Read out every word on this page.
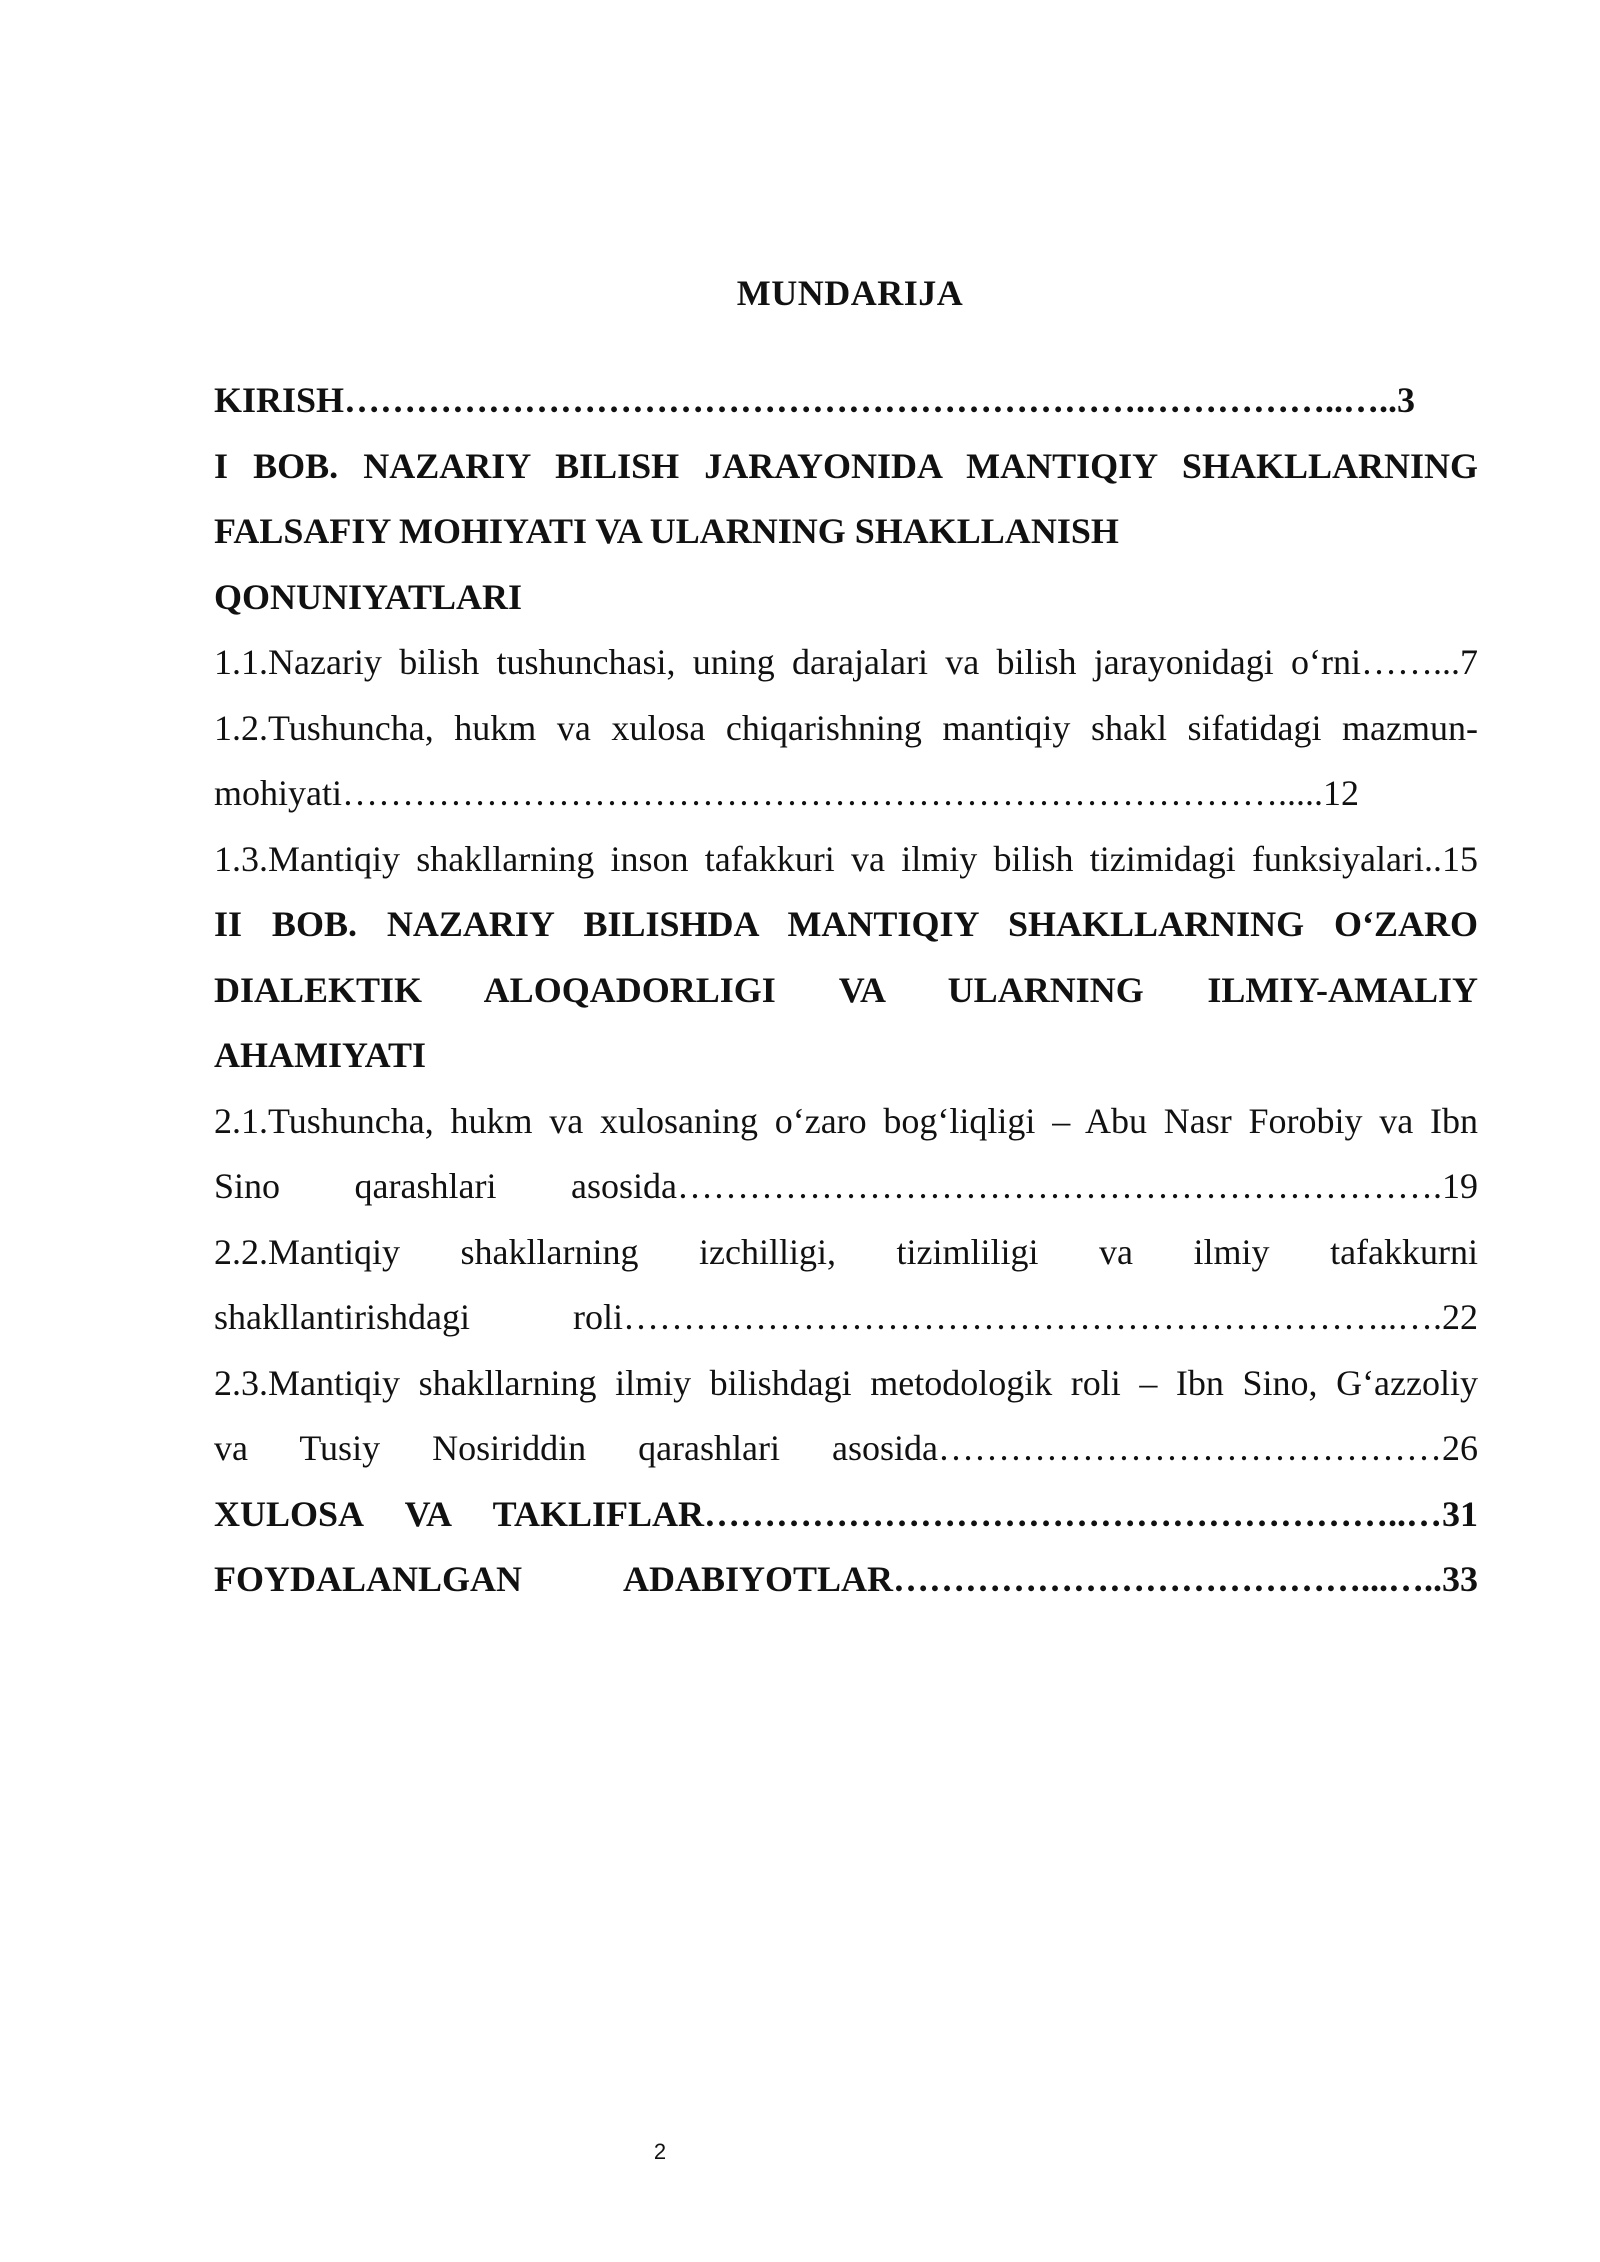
MUNDARIJA
KIRISH………………………………………………………….……………..…..3
I BOB. NAZARIY BILISH JARAYONIDA MANTIQIY SHAKLLARNING
FALSAFIY MOHIYATI VA ULARNING SHAKLLANISH
QONUNIYATLARI
1.1.Nazariy bilish tushunchasi, uning darajalari va bilish jarayonidagi o‘rni……...7
1.2.Tushuncha, hukm va xulosa chiqarishning mantiqiy shakl sifatidagi mazmun-
mohiyati…………………………………………………………………….....12
1.3.Mantiqiy shakllarning inson tafakkuri va ilmiy bilish tizimidagi funksiyalari..15
II BOB. NAZARIY BILISHDA MANTIQIY SHAKLLARNING O‘ZARO
DIALEKTIK ALOQADORLIGI VA ULARNING ILMIY-AMALIY
AHAMIYATI
2.1.Tushuncha, hukm va xulosaning o‘zaro bog‘liqligi – Abu Nasr Forobiy va Ibn
Sino qarashlari asosida……………………………………………………….19
2.2.Mantiqiy shakllarning izchilligi, tizimliligi va ilmiy tafakkurni
shakllantirishdagi roli………………………………………………………..….22
2.3.Mantiqiy shakllarning ilmiy bilishdagi metodologik roli – Ibn Sino, G‘azzoliy
va Tusiy Nosiriddin qarashlari asosida……………………………………26
XULOSA VA TAKLIFLAR…………………………………………………..…31
FOYDALANLGAN ADABIYOTLAR…………………………………...…..33
2
